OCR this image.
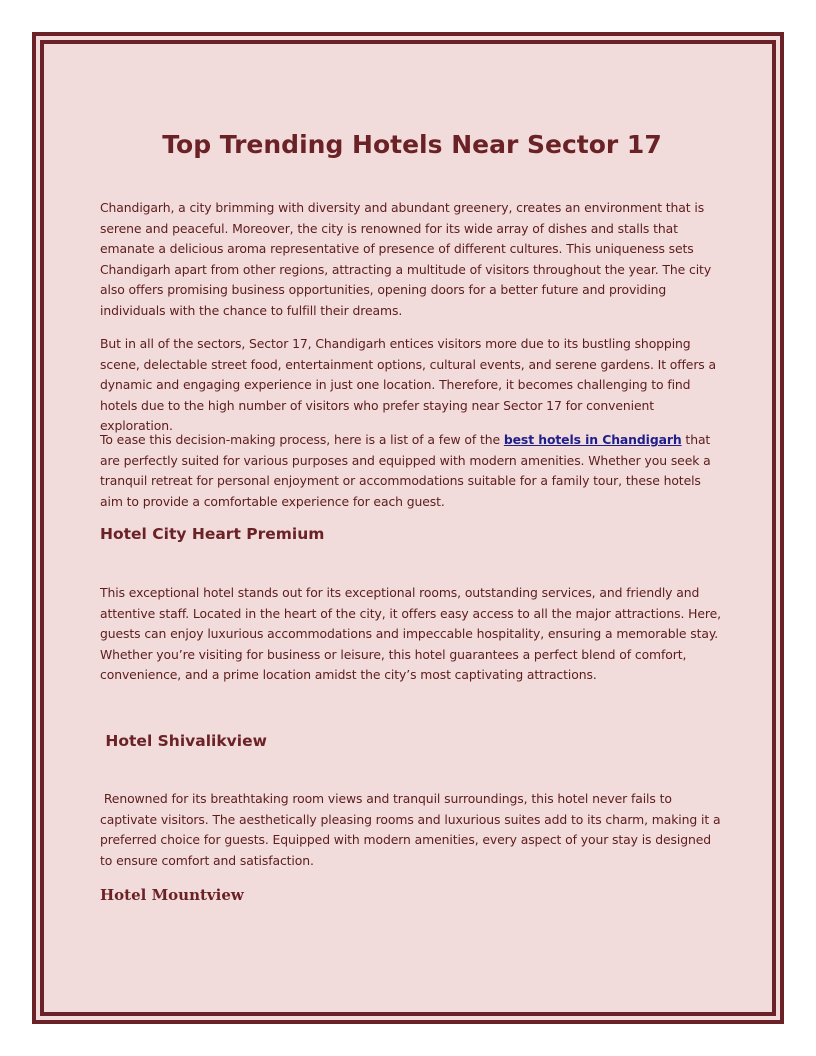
Top Trending Hotels Near Sector 17

Chandigarh, a city brimming with diversity and abundant greenery, creates an environment that is serene and peaceful. Moreover, the city is renowned for its wide array of dishes and stalls that emanate a delicious aroma representative of presence of different cultures. This uniqueness sets Chandigarh apart from other regions, attracting a multitude of visitors throughout the year. The city also offers promising business opportunities, opening doors for a better future and providing individuals with the chance to fulfill their dreams.

But in all of the sectors, Sector 17, Chandigarh entices visitors more due to its bustling shopping scene, delectable street food, entertainment options, cultural events, and serene gardens. It offers a dynamic and engaging experience in just one location. Therefore, it becomes challenging to find hotels due to the high number of visitors who prefer staying near Sector 17 for convenient exploration.

To ease this decision-making process, here is a list of a few of the best hotels in Chandigarh that are perfectly suited for various purposes and equipped with modern amenities. Whether you seek a tranquil retreat for personal enjoyment or accommodations suitable for a family tour, these hotels aim to provide a comfortable experience for each guest.

Hotel City Heart Premium

This exceptional hotel stands out for its exceptional rooms, outstanding services, and friendly and attentive staff. Located in the heart of the city, it offers easy access to all the major attractions. Here, guests can enjoy luxurious accommodations and impeccable hospitality, ensuring a memorable stay. Whether you’re visiting for business or leisure, this hotel guarantees a perfect blend of comfort, convenience, and a prime location amidst the city’s most captivating attractions.

Hotel Shivalikview

Renowned for its breathtaking room views and tranquil surroundings, this hotel never fails to captivate visitors. The aesthetically pleasing rooms and luxurious suites add to its charm, making it a preferred choice for guests. Equipped with modern amenities, every aspect of your stay is designed to ensure comfort and satisfaction.

Hotel Mountview
